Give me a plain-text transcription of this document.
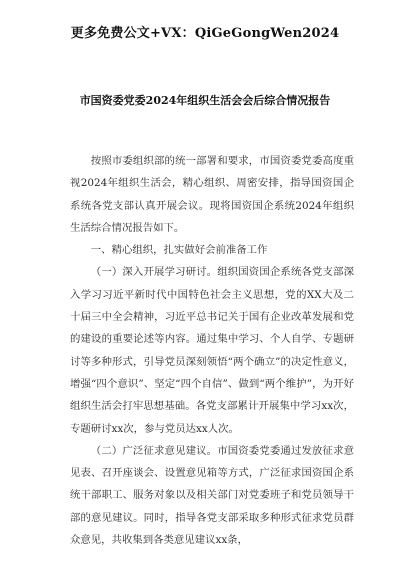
更多免费公文+VX：QiGeGongWen2024
市国资委党委2024年组织生活会会后综合情况报告

按照市委组织部的统一部署和要求，市国资委党委高度重视2024年组织生活会，精心组织、周密安排，指导国资国企系统各党支部认真开展会议。现将国资国企系统2024年组织生活综合情况报告如下。

一、精心组织，扎实做好会前准备工作

（一）深入开展学习研讨。组织国资国企系统各党支部深入学习习近平新时代中国特色社会主义思想，党的XX大及二十届三中全会精神，习近平总书记关于国有企业改革发展和党的建设的重要论述等内容。通过集中学习、个人自学、专题研讨等多种形式，引导党员深刻领悟“两个确立”的决定性意义，增强“四个意识”、坚定“四个自信”、做到“两个维护”，为开好组织生活会打牢思想基础。各党支部累计开展集中学习xx次，专题研讨xx次，参与党员达xx人次。

（二）广泛征求意见建议。市国资委党委通过发放征求意见表、召开座谈会、设置意见箱等方式，广泛征求国资国企系统干部职工、服务对象以及相关部门对党委班子和党员领导干部的意见建议。同时，指导各党支部采取多种形式征求党员群众意见，共收集到各类意见建议xx条，
